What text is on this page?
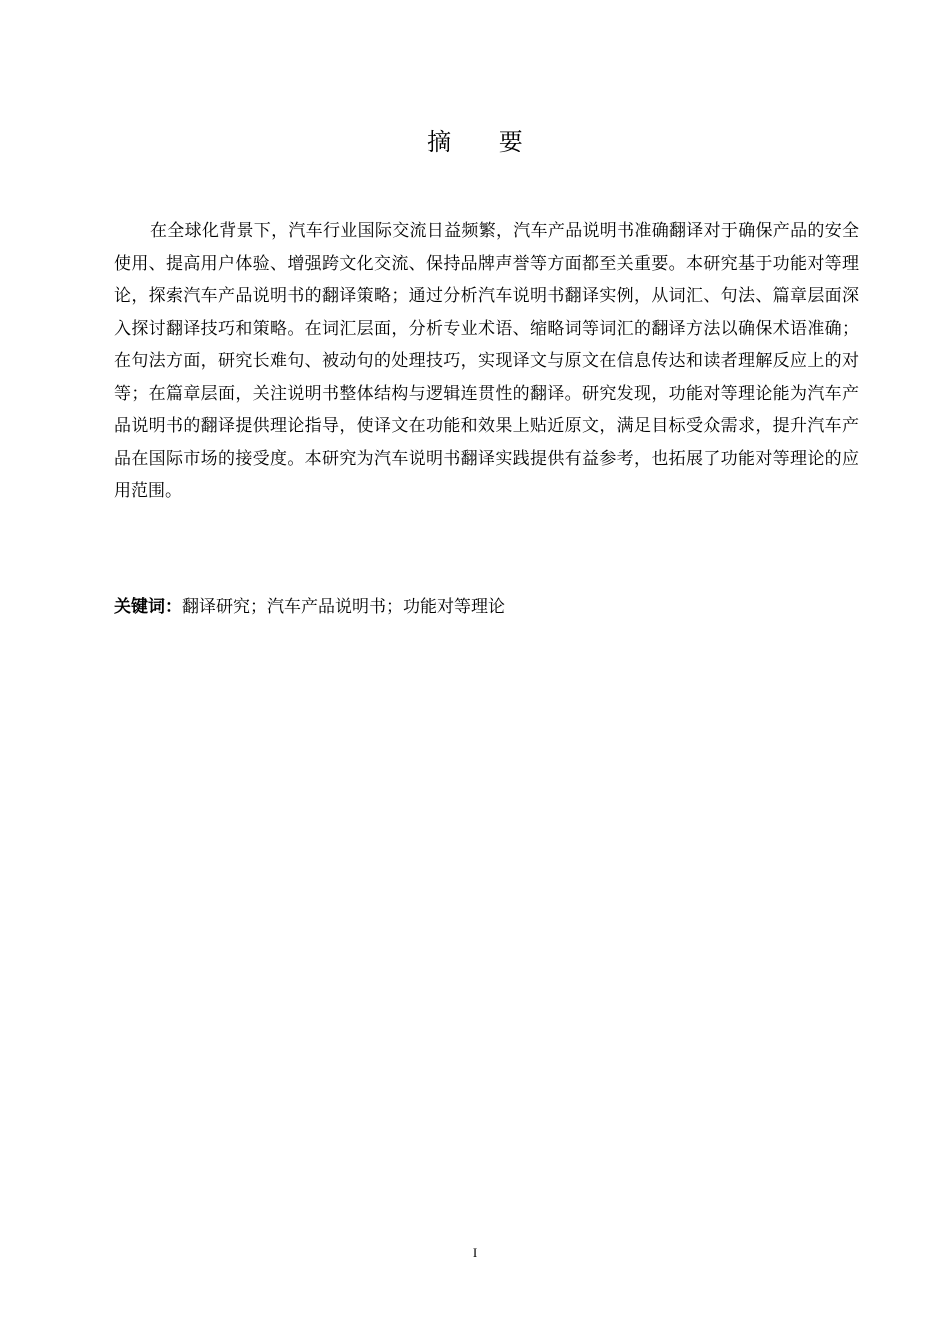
摘 要

在全球化背景下，汽车行业国际交流日益频繁，汽车产品说明书准确翻译对于确保产品的安全使用、提高用户体验、增强跨文化交流、保持品牌声誉等方面都至关重要。本研究基于功能对等理论，探索汽车产品说明书的翻译策略；通过分析汽车说明书翻译实例，从词汇、句法、篇章层面深入探讨翻译技巧和策略。在词汇层面，分析专业术语、缩略词等词汇的翻译方法以确保术语准确；在句法方面，研究长难句、被动句的处理技巧，实现译文与原文在信息传达和读者理解反应上的对等；在篇章层面，关注说明书整体结构与逻辑连贯性的翻译。研究发现，功能对等理论能为汽车产品说明书的翻译提供理论指导，使译文在功能和效果上贴近原文，满足目标受众需求，提升汽车产品在国际市场的接受度。本研究为汽车说明书翻译实践提供有益参考，也拓展了功能对等理论的应用范围。

关键词：翻译研究；汽车产品说明书；功能对等理论
I
